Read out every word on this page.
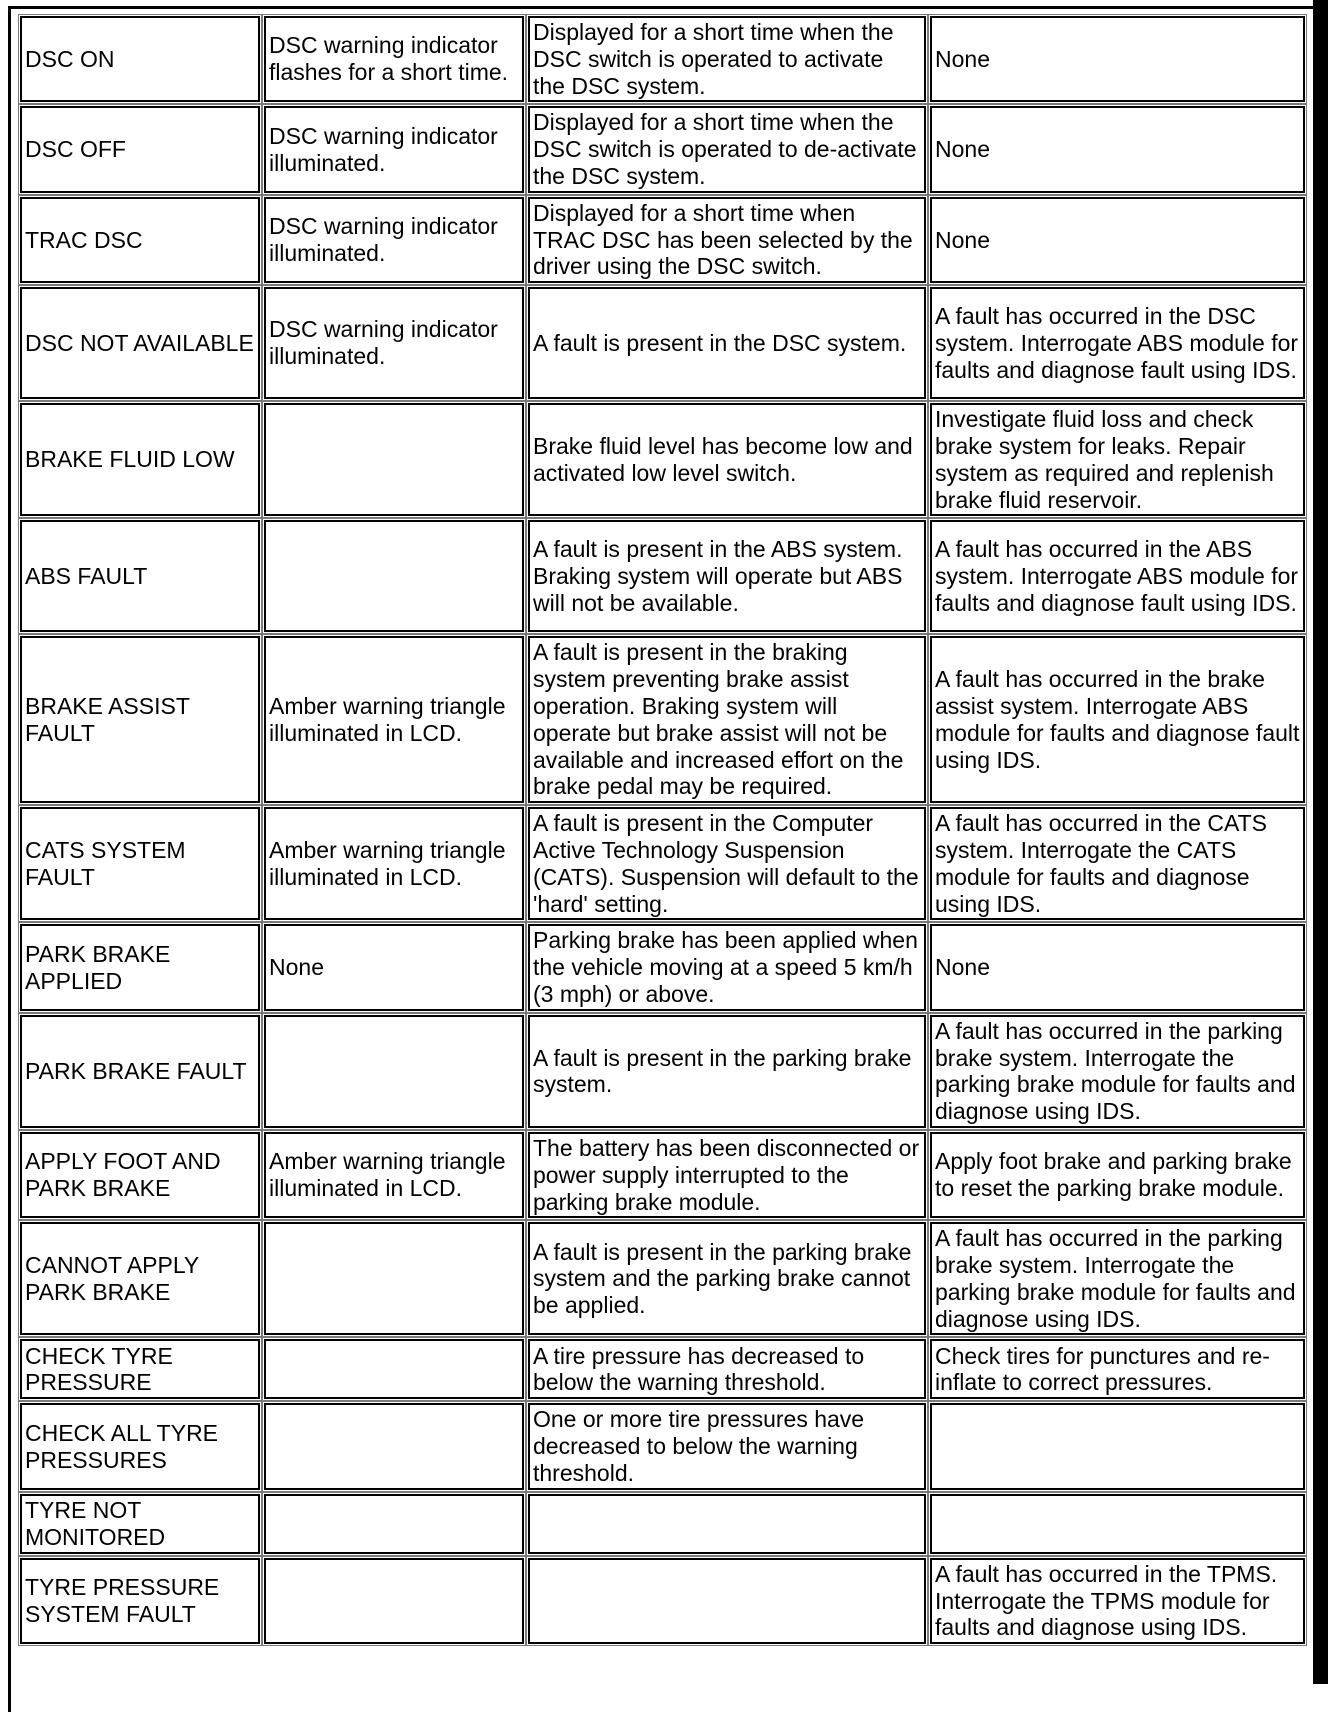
DSC ON	DSC warning indicator flashes for a short time.	Displayed for a short time when the DSC switch is operated to activate the DSC system.	None
DSC OFF	DSC warning indicator illuminated.	Displayed for a short time when the DSC switch is operated to de-activate the DSC system.	None
TRAC DSC	DSC warning indicator illuminated.	Displayed for a short time when TRAC DSC has been selected by the driver using the DSC switch.	None
DSC NOT AVAILABLE	DSC warning indicator illuminated.	A fault is present in the DSC system.	A fault has occurred in the DSC system. Interrogate ABS module for faults and diagnose fault using IDS.
BRAKE FLUID LOW		Brake fluid level has become low and activated low level switch.	Investigate fluid loss and check brake system for leaks. Repair system as required and replenish brake fluid reservoir.
ABS FAULT		A fault is present in the ABS system. Braking system will operate but ABS will not be available.	A fault has occurred in the ABS system. Interrogate ABS module for faults and diagnose fault using IDS.
BRAKE ASSIST FAULT	Amber warning triangle illuminated in LCD.	A fault is present in the braking system preventing brake assist operation. Braking system will operate but brake assist will not be available and increased effort on the brake pedal may be required.	A fault has occurred in the brake assist system. Interrogate ABS module for faults and diagnose fault using IDS.
CATS SYSTEM FAULT	Amber warning triangle illuminated in LCD.	A fault is present in the Computer Active Technology Suspension (CATS). Suspension will default to the 'hard' setting.	A fault has occurred in the CATS system. Interrogate the CATS module for faults and diagnose using IDS.
PARK BRAKE APPLIED	None	Parking brake has been applied when the vehicle moving at a speed 5 km/h (3 mph) or above.	None
PARK BRAKE FAULT		A fault is present in the parking brake system.	A fault has occurred in the parking brake system. Interrogate the parking brake module for faults and diagnose using IDS.
APPLY FOOT AND PARK BRAKE	Amber warning triangle illuminated in LCD.	The battery has been disconnected or power supply interrupted to the parking brake module.	Apply foot brake and parking brake to reset the parking brake module.
CANNOT APPLY PARK BRAKE		A fault is present in the parking brake system and the parking brake cannot be applied.	A fault has occurred in the parking brake system. Interrogate the parking brake module for faults and diagnose using IDS.
CHECK TYRE PRESSURE		A tire pressure has decreased to below the warning threshold.	Check tires for punctures and re-inflate to correct pressures.
CHECK ALL TYRE PRESSURES		One or more tire pressures have decreased to below the warning threshold.	
TYRE NOT MONITORED			
TYRE PRESSURE SYSTEM FAULT			A fault has occurred in the TPMS. Interrogate the TPMS module for faults and diagnose using IDS.
